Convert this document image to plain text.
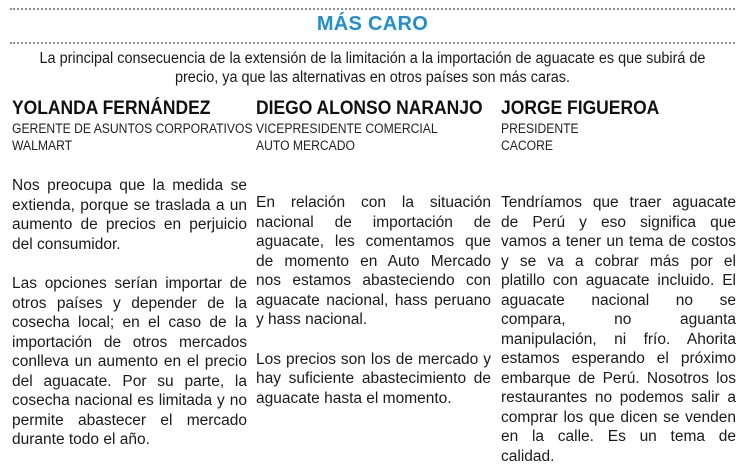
MÁS CARO
La principal consecuencia de la extensión de la limitación a la importación de aguacate es que subirá de precio, ya que las alternativas en otros países son más caras.
YOLANDA FERNÁNDEZ
GERENTE DE ASUNTOS CORPORATIVOS
WALMART

Nos preocupa que la medida se extienda, porque se traslada a un aumento de precios en perjuicio del consumidor.

Las opciones serían importar de otros países y depender de la cosecha local; en el caso de la importación de otros mercados conlleva un aumento en el precio del aguacate. Por su parte, la cosecha nacional es limitada y no permite abastecer el mercado durante todo el año.

DIEGO ALONSO NARANJO
VICEPRESIDENTE COMERCIAL
AUTO MERCADO

En relación con la situación nacional de importación de aguacate, les comentamos que de momento en Auto Mercado nos estamos abasteciendo con aguacate nacional, hass peruano y hass nacional.

Los precios son los de mercado y hay suficiente abastecimiento de aguacate hasta el momento.

JORGE FIGUEROA
PRESIDENTE
CACORE

Tendríamos que traer aguacate de Perú y eso significa que vamos a tener un tema de costos y se va a cobrar más por el platillo con aguacate incluido. El aguacate nacional no se compara, no aguanta manipulación, ni frío. Ahorita estamos esperando el próximo embarque de Perú. Nosotros los restaurantes no podemos salir a comprar los que dicen se venden en la calle. Es un tema de calidad.
